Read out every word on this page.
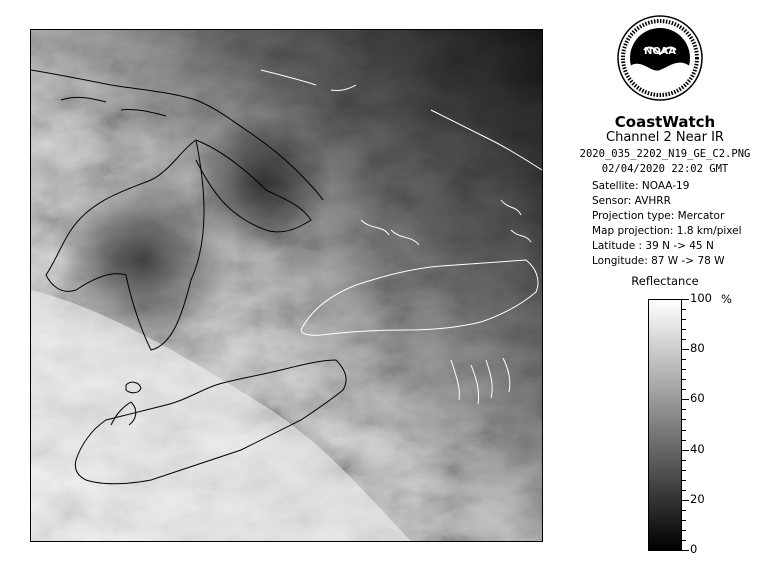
NOAA
CoastWatch
Channel 2 Near IR
2020_035_2202_N19_GE_C2.PNG
02/04/2020 22:02 GMT
Satellite: NOAA-19
Sensor: AVHRR
Projection type: Mercator
Map projection: 1.8 km/pixel
Latitude : 39 N -> 45 N
Longitude: 87 W -> 78 W
Reflectance
100
80
60
40
20
0
%
